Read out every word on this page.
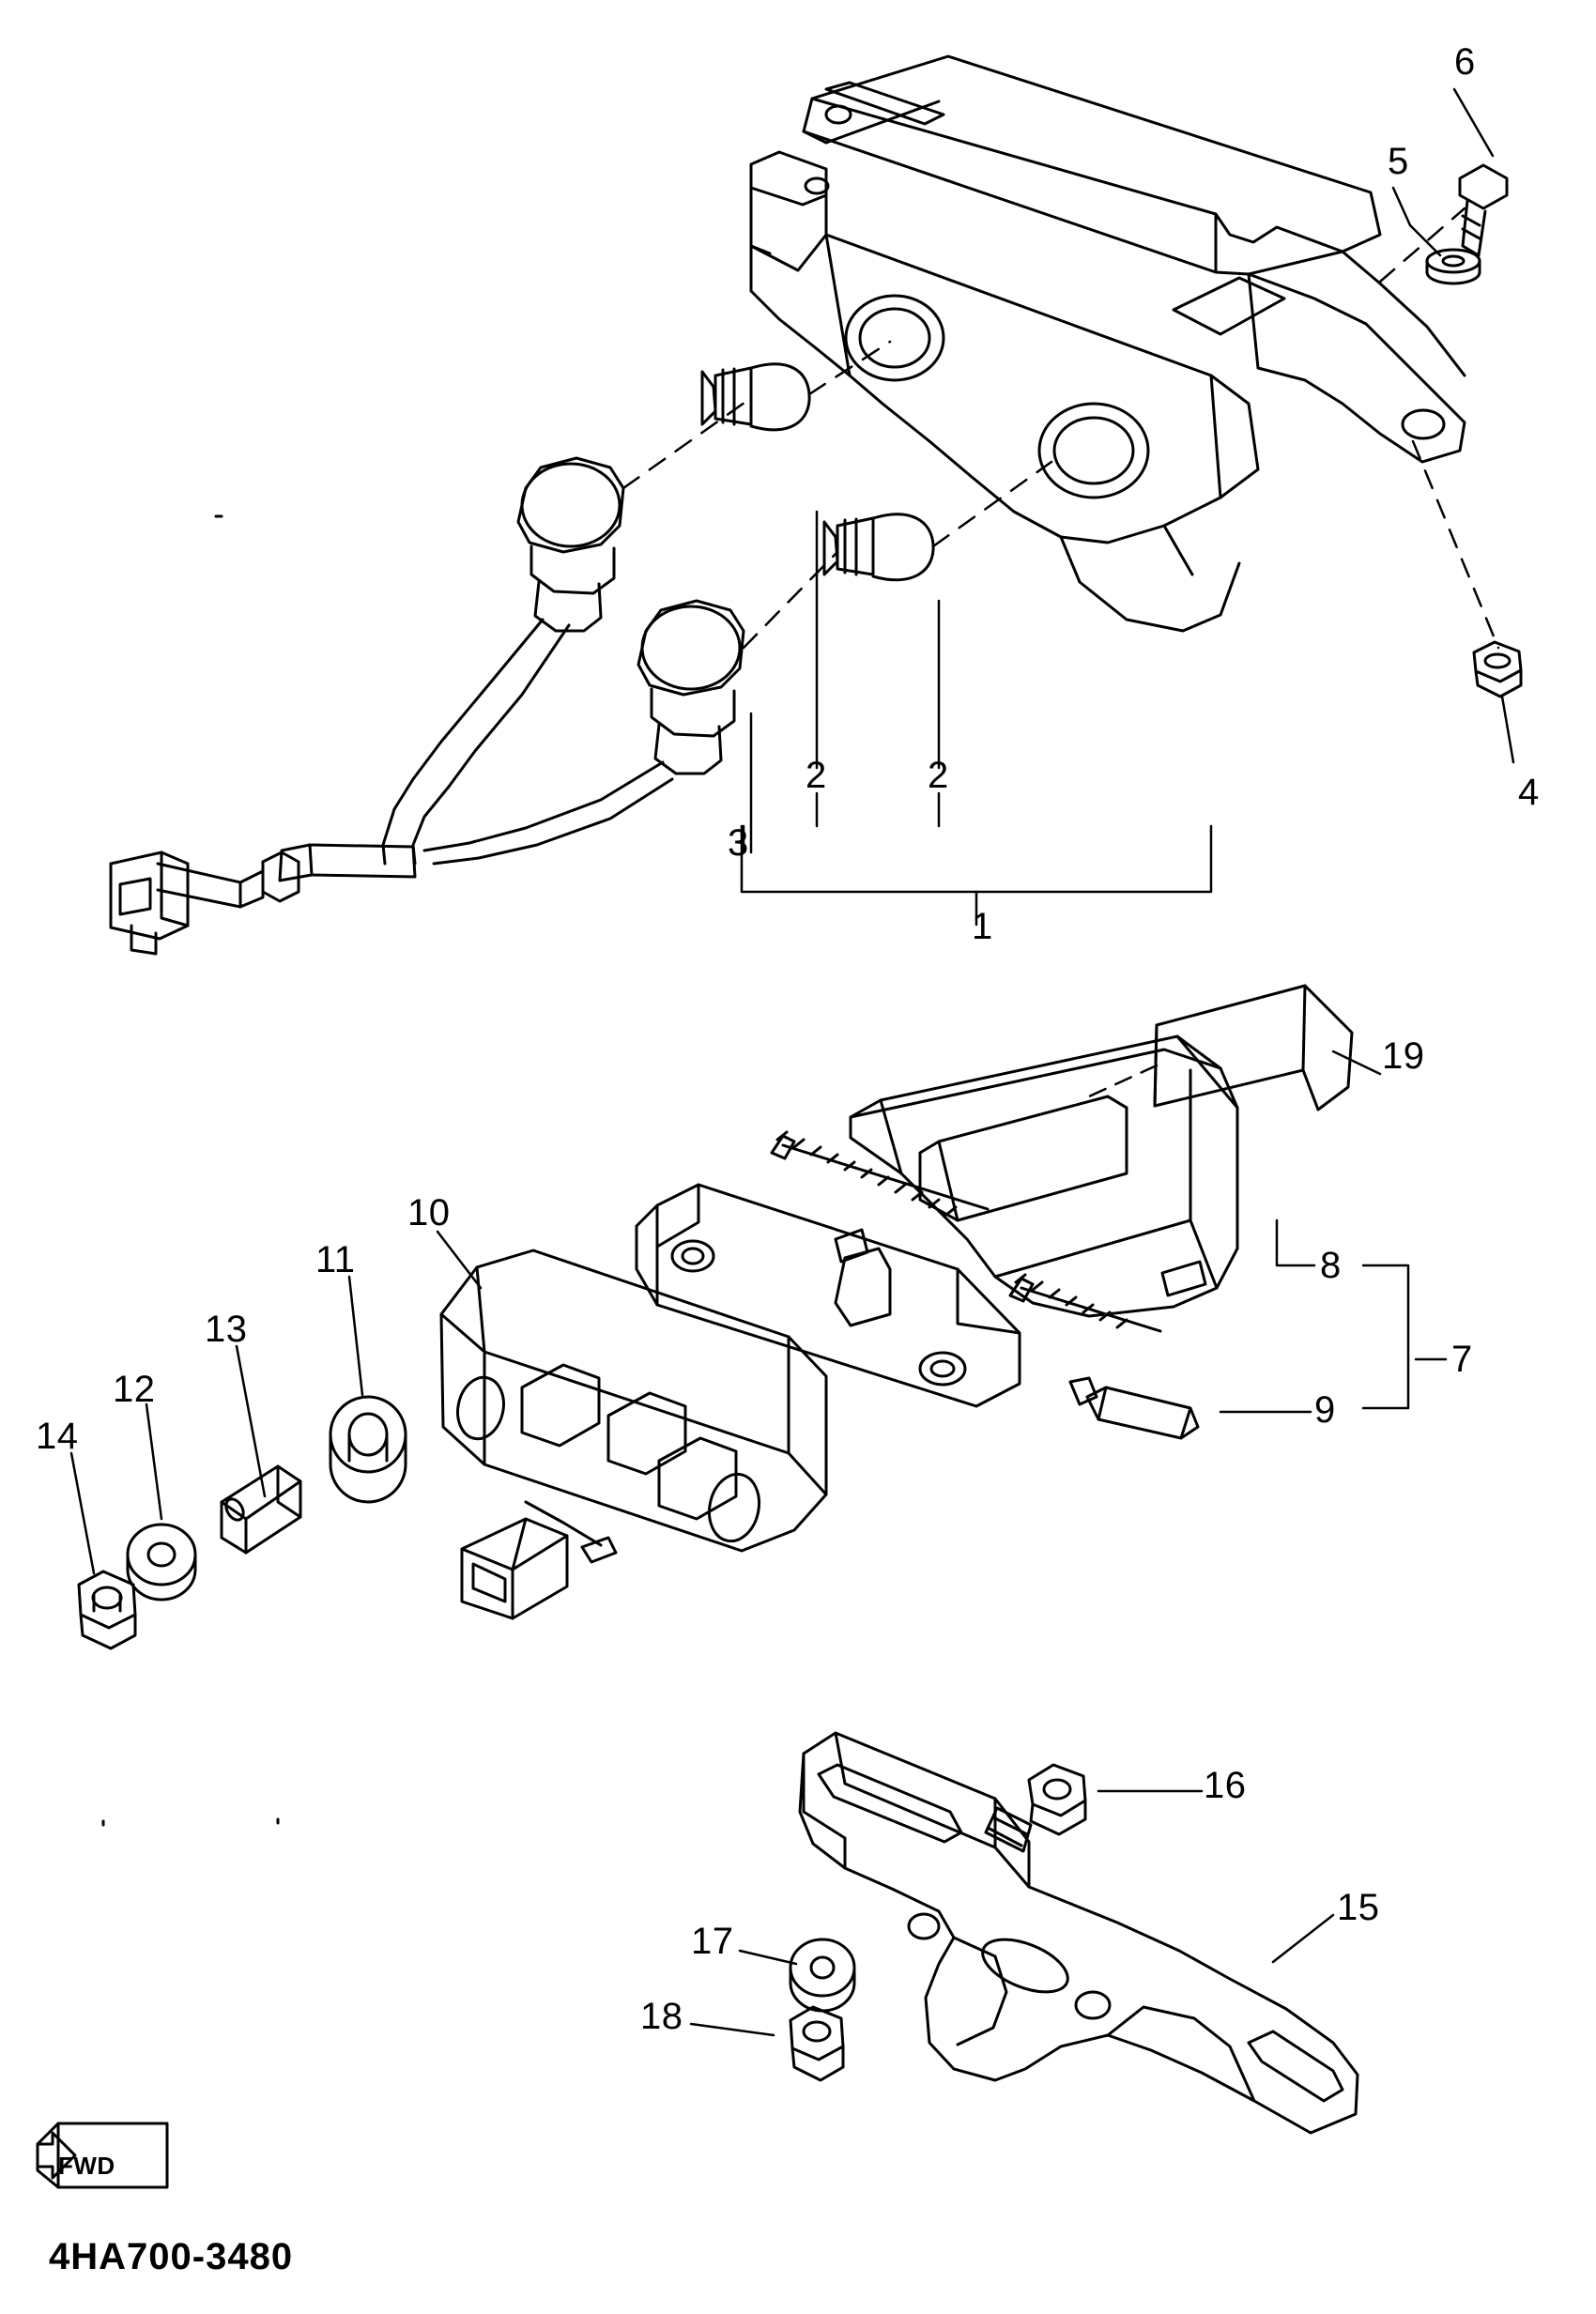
1
2	2
3
4
5
6
7
8
9
10
11
12
13
14
15
16
17
18
19
FWD
4HA700-3480
